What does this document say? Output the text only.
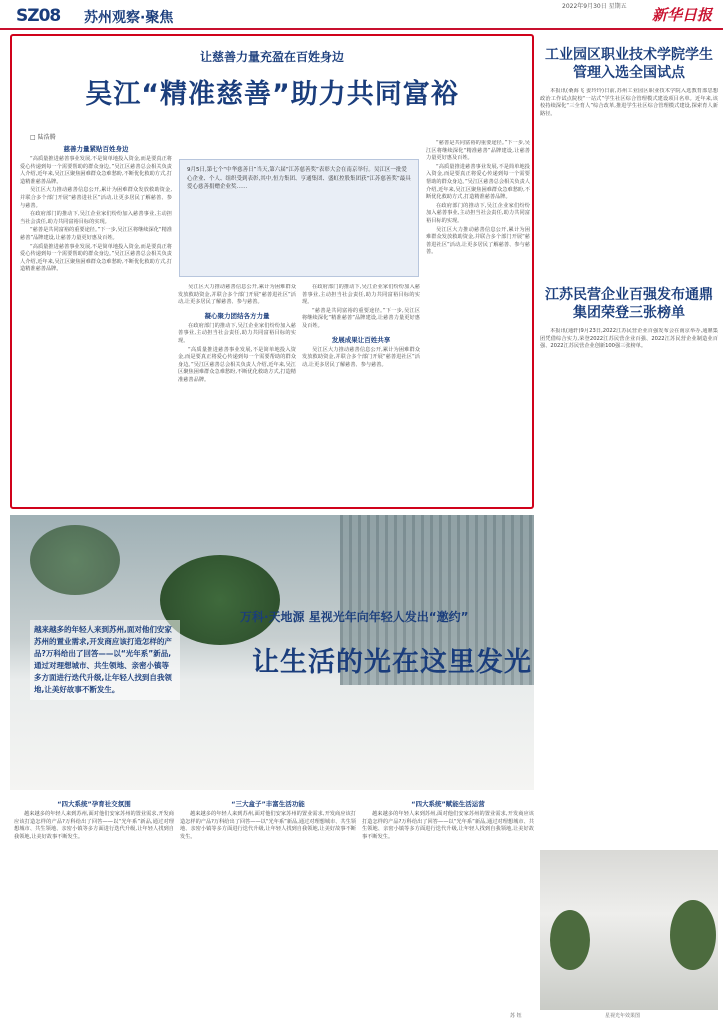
SZ08 苏州观察·聚焦
2022年9月30日 星期五	新华日报
让慈善力量充盈在百姓身边
吴江“精准慈善”助力共同富裕
□ 陆浩腾
慈善力量紧贴百姓身边

“高质量推进慈善事业发展,不是简单地投入资金,而是要真正将爱心传递到每一个需要帮助的群众身边。”吴江区慈善总会相关负责人介绍,近年来,吴江区聚焦困难群众急难愁盼,不断优化救助方式,打造精准慈善品牌。

吴江区大力推动慈善信息公开,累计为困难群众发放救助资金,并联合多个部门开展“慈善进社区”活动,让更多居民了解慈善、参与慈善。

在政府部门的推动下,吴江企业家们纷纷加入慈善事业,主动担当社会责任,助力共同富裕目标的实现。

“慈善是共同富裕的重要途径。”下一步,吴江区将继续深化“精准慈善”品牌建设,让慈善力量更好惠及百姓。

“高质量推进慈善事业发展,不是简单地投入资金,而是要真正将爱心传递到每一个需要帮助的群众身边。”吴江区慈善总会相关负责人介绍,近年来,吴江区聚焦困难群众急难愁盼,不断优化救助方式,打造精准慈善品牌。

9月5日,第七个“中华慈善日”当天,第六届“江苏慈善奖”表彰大会在南京举行。吴江区一批爱心企业、个人、组织受到表彰,其中,恒力集团、亨通集团、盛虹控股集团获“江苏慈善奖”最具爱心慈善捐赠企业奖……

吴江区大力推动慈善信息公开,累计为困难群众发放救助资金,并联合多个部门开展“慈善进社区”活动,让更多居民了解慈善、参与慈善。

凝心聚力团结各方力量

在政府部门的推动下,吴江企业家们纷纷加入慈善事业,主动担当社会责任,助力共同富裕目标的实现。

“高质量推进慈善事业发展,不是简单地投入资金,而是要真正将爱心传递到每一个需要帮助的群众身边。”吴江区慈善总会相关负责人介绍,近年来,吴江区聚焦困难群众急难愁盼,不断优化救助方式,打造精准慈善品牌。

在政府部门的推动下,吴江企业家们纷纷加入慈善事业,主动担当社会责任,助力共同富裕目标的实现。

“慈善是共同富裕的重要途径。”下一步,吴江区将继续深化“精准慈善”品牌建设,让慈善力量更好惠及百姓。

发展成果让百姓共享

吴江区大力推动慈善信息公开,累计为困难群众发放救助资金,并联合多个部门开展“慈善进社区”活动,让更多居民了解慈善、参与慈善。

“慈善是共同富裕的重要途径。”下一步,吴江区将继续深化“精准慈善”品牌建设,让慈善力量更好惠及百姓。

“高质量推进慈善事业发展,不是简单地投入资金,而是要真正将爱心传递到每一个需要帮助的群众身边。”吴江区慈善总会相关负责人介绍,近年来,吴江区聚焦困难群众急难愁盼,不断优化救助方式,打造精准慈善品牌。

在政府部门的推动下,吴江企业家们纷纷加入慈善事业,主动担当社会责任,助力共同富裕目标的实现。

吴江区大力推动慈善信息公开,累计为困难群众发放救助资金,并联合多个部门开展“慈善进社区”活动,让更多居民了解慈善、参与慈善。

工业园区职业技术学院学生管理入选全国试点
本报讯(桑海飞 姜玲玲)日前,苏州工业园区职业技术学院入选教育部思想政治工作试点院校“一站式”学生社区综合管理模式建设项目名单。近年来,该校持续深化“三全育人”综合改革,推进学生社区综合管理模式建设,探索育人新路径。
江苏民营企业百强发布通鼎集团荣登三张榜单
本报讯(通轩)9月23日,2022江苏民营企业百强发布会在南京举办,通鼎集团凭借综合实力,荣登2022江苏民营企业百强、2022江苏民营企业制造业百强、2022江苏民营企业创新100强三张榜单。
万科·天地源 星视光年向年轻人发出“邀约”
让生活的光在这里发光
越来越多的年轻人来到苏州,面对他们安家苏州的置业需求,开发商应该打造怎样的产品?万科给出了回答——以“光年系”新品,通过对理想城市、共生领地、亲密小镇等多方面进行迭代升级,让年轻人找到自我领地,让美好故事不断发生。
“四大系统”孕育社交氛围

越来越多的年轻人来到苏州,面对他们安家苏州的置业需求,开发商应该打造怎样的产品?万科给出了回答——以“光年系”新品,通过对理想城市、共生领地、亲密小镇等多方面进行迭代升级,让年轻人找到自我领地,让美好故事不断发生。

“三大盒子”丰富生活功能

越来越多的年轻人来到苏州,面对他们安家苏州的置业需求,开发商应该打造怎样的产品?万科给出了回答——以“光年系”新品,通过对理想城市、共生领地、亲密小镇等多方面进行迭代升级,让年轻人找到自我领地,让美好故事不断发生。

“四大系统”赋能生活运营

越来越多的年轻人来到苏州,面对他们安家苏州的置业需求,开发商应该打造怎样的产品?万科给出了回答——以“光年系”新品,通过对理想城市、共生领地、亲密小镇等多方面进行迭代升级,让年轻人找到自我领地,让美好故事不断发生。

苏 钰	星视光年效果图
